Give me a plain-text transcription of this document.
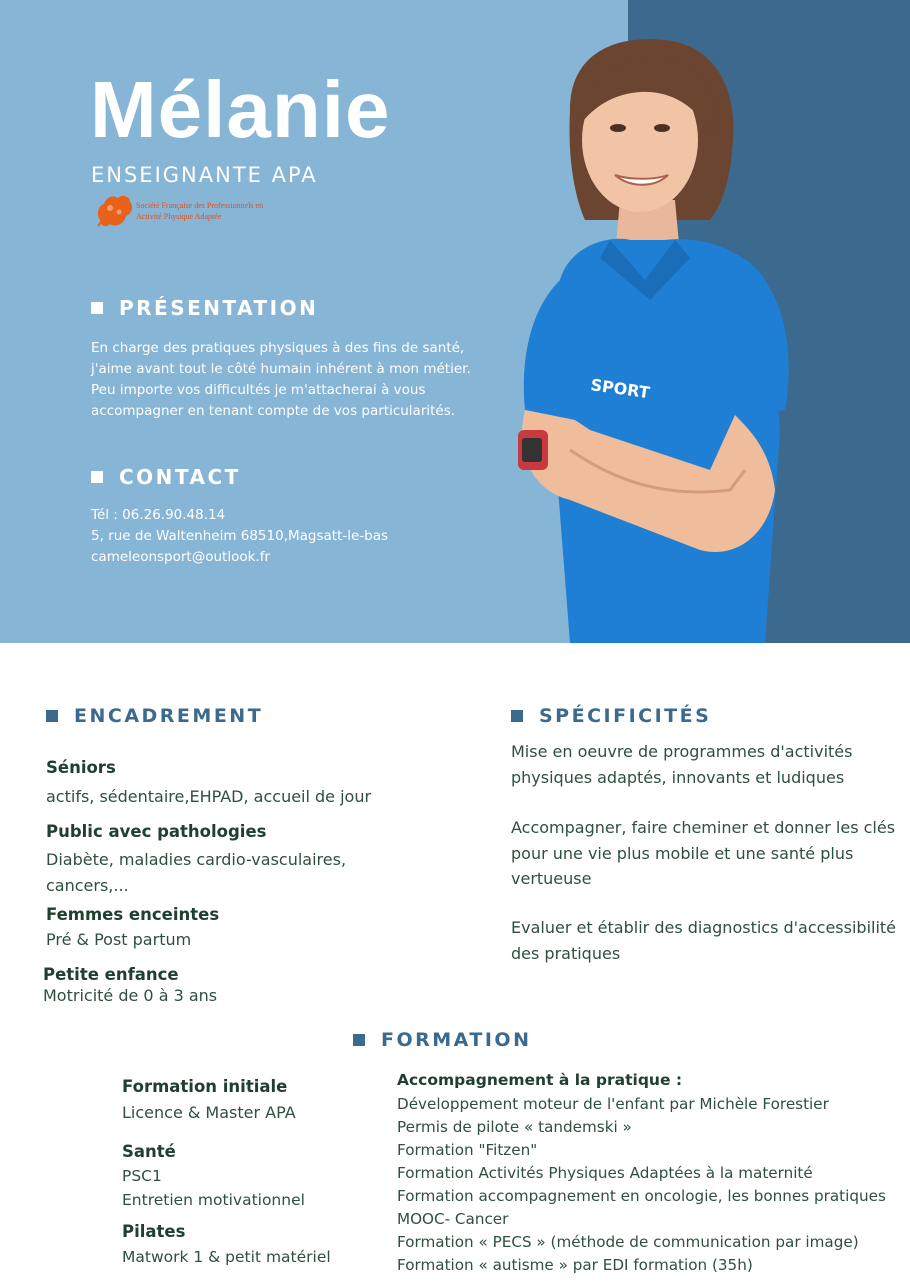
Mélanie
ENSEIGNANTE APA
Société Française des Professionnels en
Activité Physique Adaptée
PRÉSENTATION
En charge des pratiques physiques à des fins de santé, j'aime avant tout le côté humain inhérent à mon métier. Peu importe vos difficultés je m'attacherai à vous accompagner en tenant compte de vos particularités.
CONTACT
Tél : 06.26.90.48.14
5, rue de Waltenheim 68510,Magsatt-le-bas
cameleonsport@outlook.fr
SPORT
ENCADREMENT
Séniors
actifs, sédentaire,EHPAD, accueil de jour
Public avec pathologies
Diabète, maladies cardio-vasculaires,
cancers,...
Femmes enceintes
Pré & Post partum
Petite enfance
Motricité de 0 à 3 ans
SPÉCIFICITÉS
Mise en oeuvre de programmes d'activités physiques adaptés, innovants et ludiques
Accompagner, faire cheminer et donner les clés pour une vie plus mobile et une santé plus vertueuse
Evaluer et établir des diagnostics d'accessibilité des pratiques
FORMATION
Formation initiale
Licence & Master APA
Santé
PSC1
Entretien motivationnel
Pilates
Matwork 1 & petit matériel
Accompagnement à la pratique :
Développement moteur de l'enfant par Michèle Forestier
Permis de pilote « tandemski »
Formation "Fitzen"
Formation Activités Physiques Adaptées à la maternité
Formation accompagnement en oncologie, les bonnes pratiques
MOOC- Cancer
Formation « PECS » (méthode de communication par image)
Formation « autisme » par EDI formation (35h)
